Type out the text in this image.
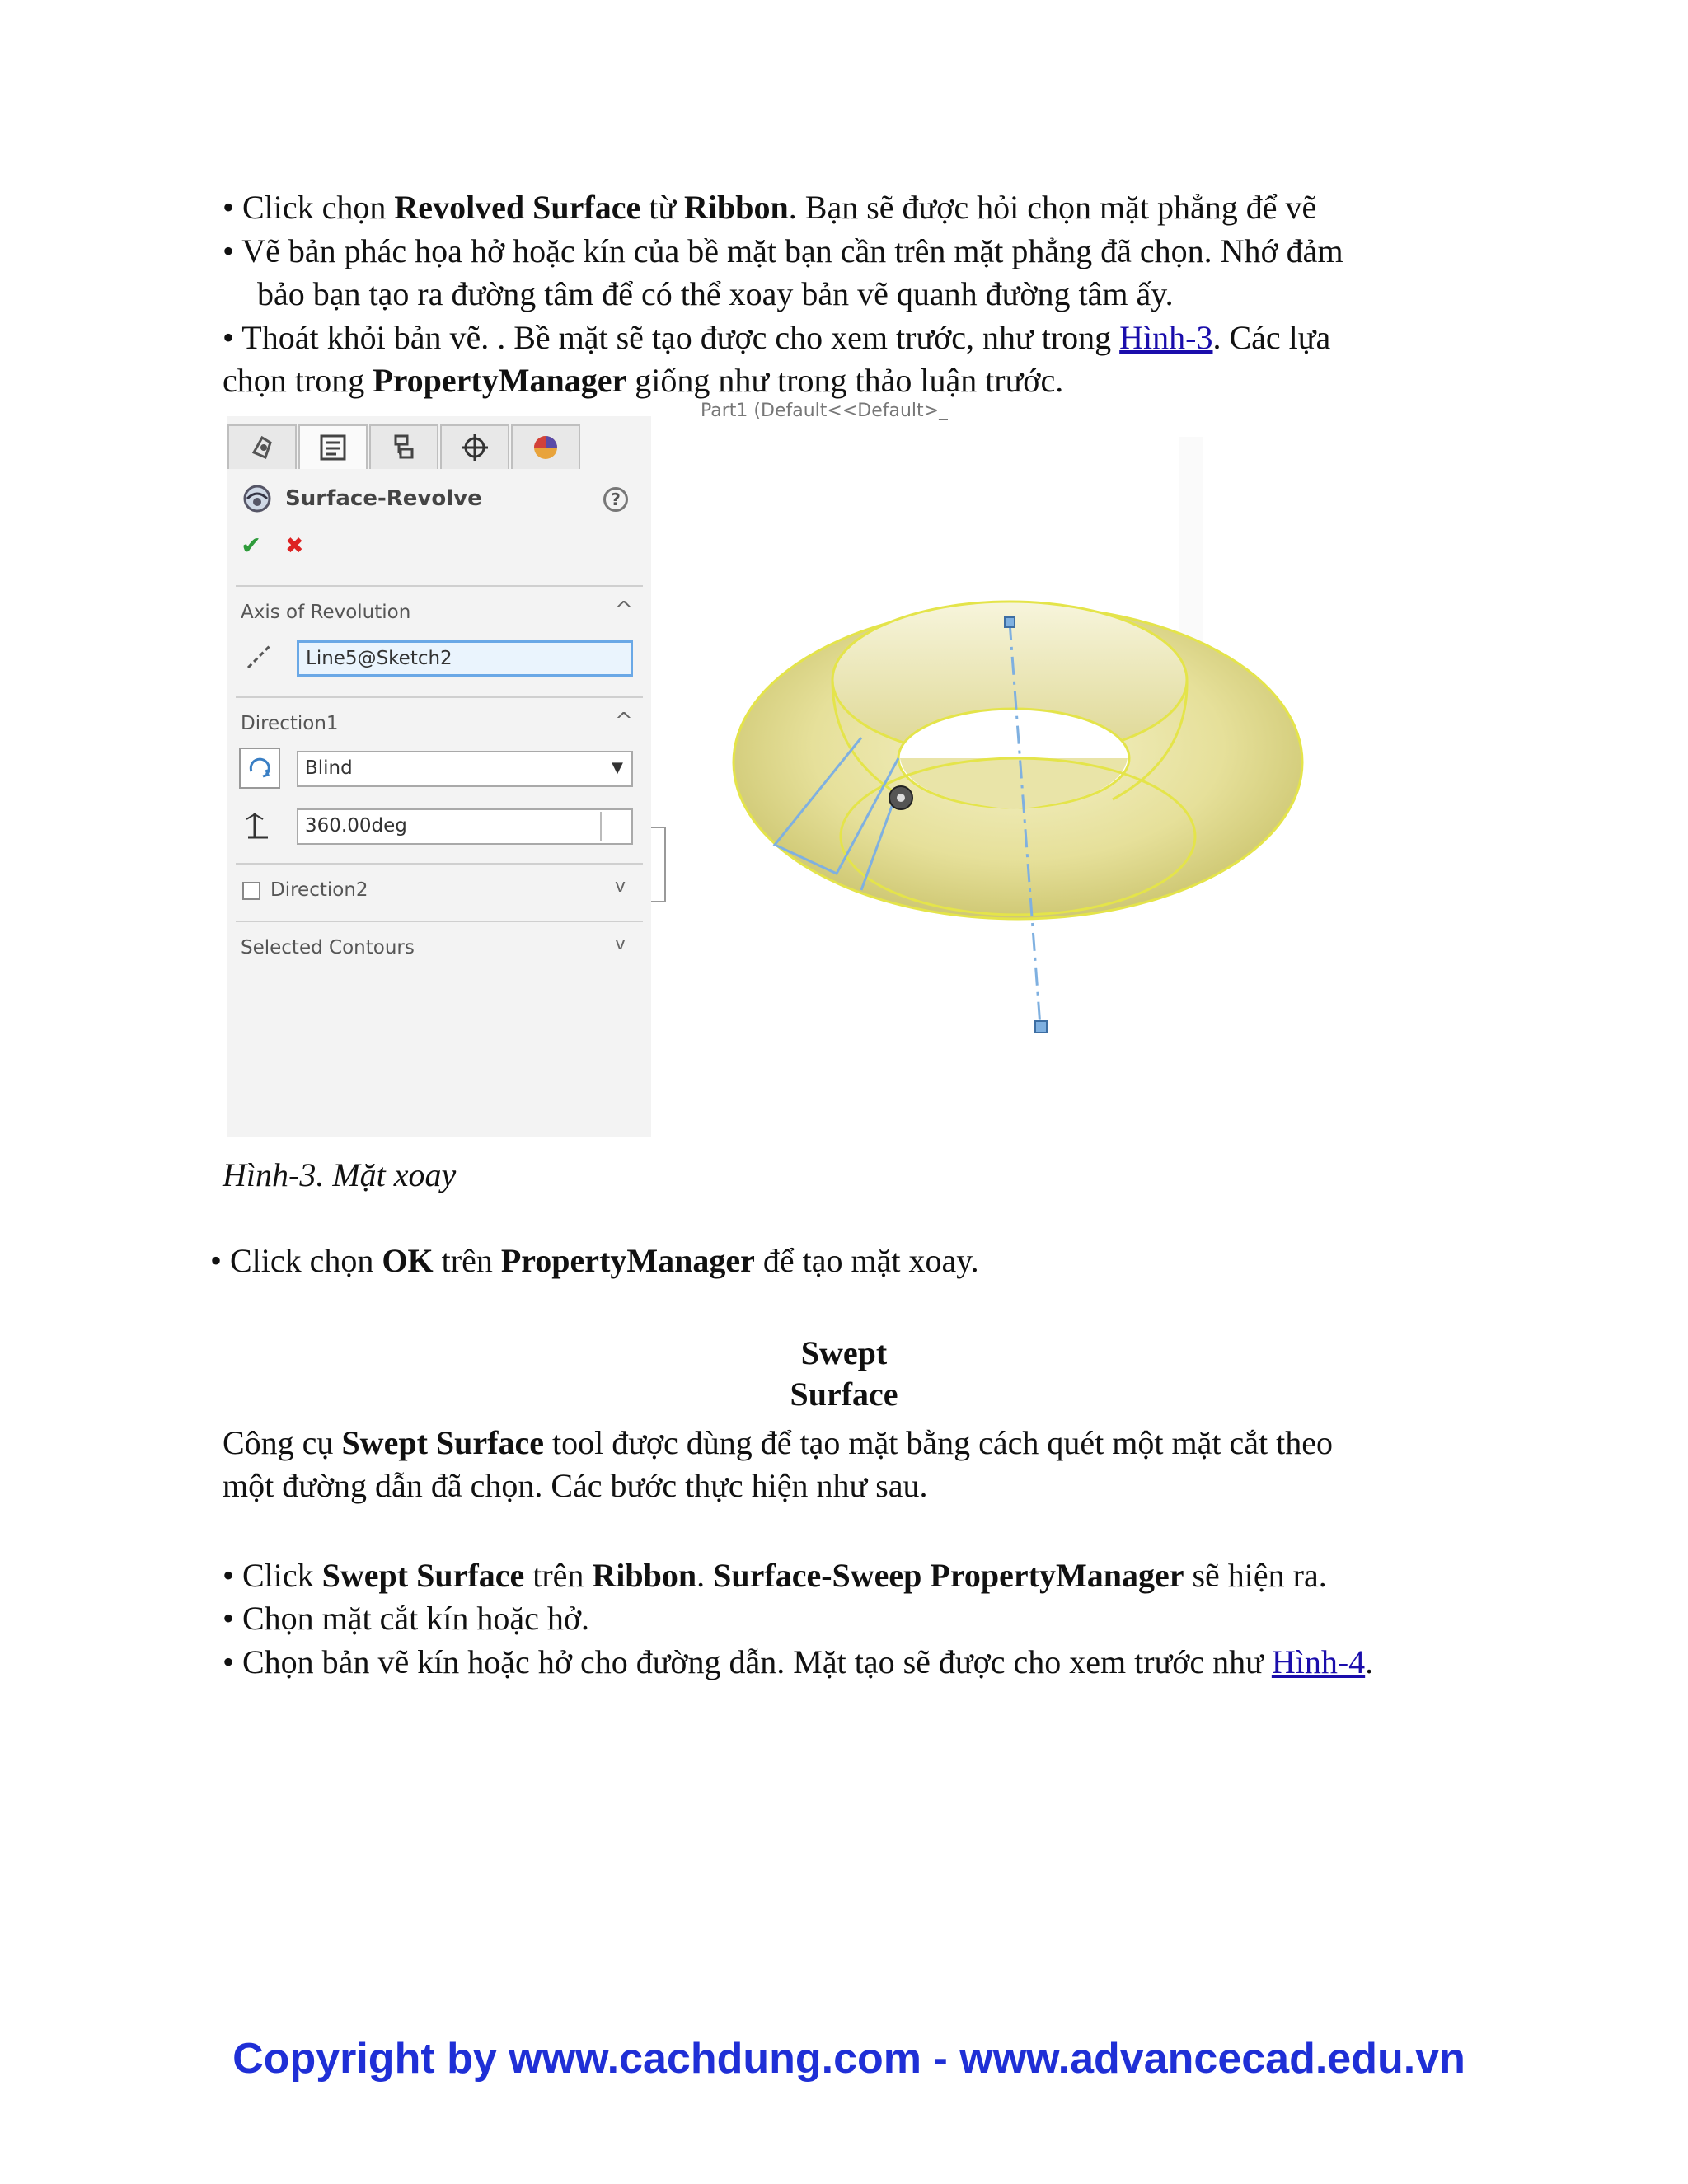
• Click chọn Revolved Surface từ Ribbon. Bạn sẽ được hỏi chọn mặt phẳng để vẽ
• Vẽ bản phác họa hở hoặc kín của bề mặt bạn cần trên mặt phẳng đã chọn. Nhớ đảm
bảo bạn tạo ra đường tâm để có thể xoay bản vẽ quanh đường tâm ấy.
• Thoát khỏi bản vẽ. . Bề mặt sẽ tạo được cho xem trước, như trong Hình-3. Các lựa
chọn trong PropertyManager giống như trong thảo luận trước.
Surface-Revolve	?
✔ ✖
Axis of Revolution	^
Line5@Sketch2
Direction1	^
Blind	▼
360.00deg
Direction2	v
Selected Contours	v
Part1 (Default<<Default>_
Hình-3. Mặt xoay
• Click chọn OK trên PropertyManager để tạo mặt xoay.
Swept
Surface
Công cụ Swept Surface tool được dùng để tạo mặt bằng cách quét một mặt cắt theo
một đường dẫn đã chọn. Các bước thực hiện như sau.
• Click Swept Surface trên Ribbon. Surface-Sweep PropertyManager sẽ hiện ra.
• Chọn mặt cắt kín hoặc hở.
• Chọn bản vẽ kín hoặc hở cho đường dẫn. Mặt tạo sẽ được cho xem trước như Hình-4.
Copyright by www.cachdung.com - www.advancecad.edu.vn
